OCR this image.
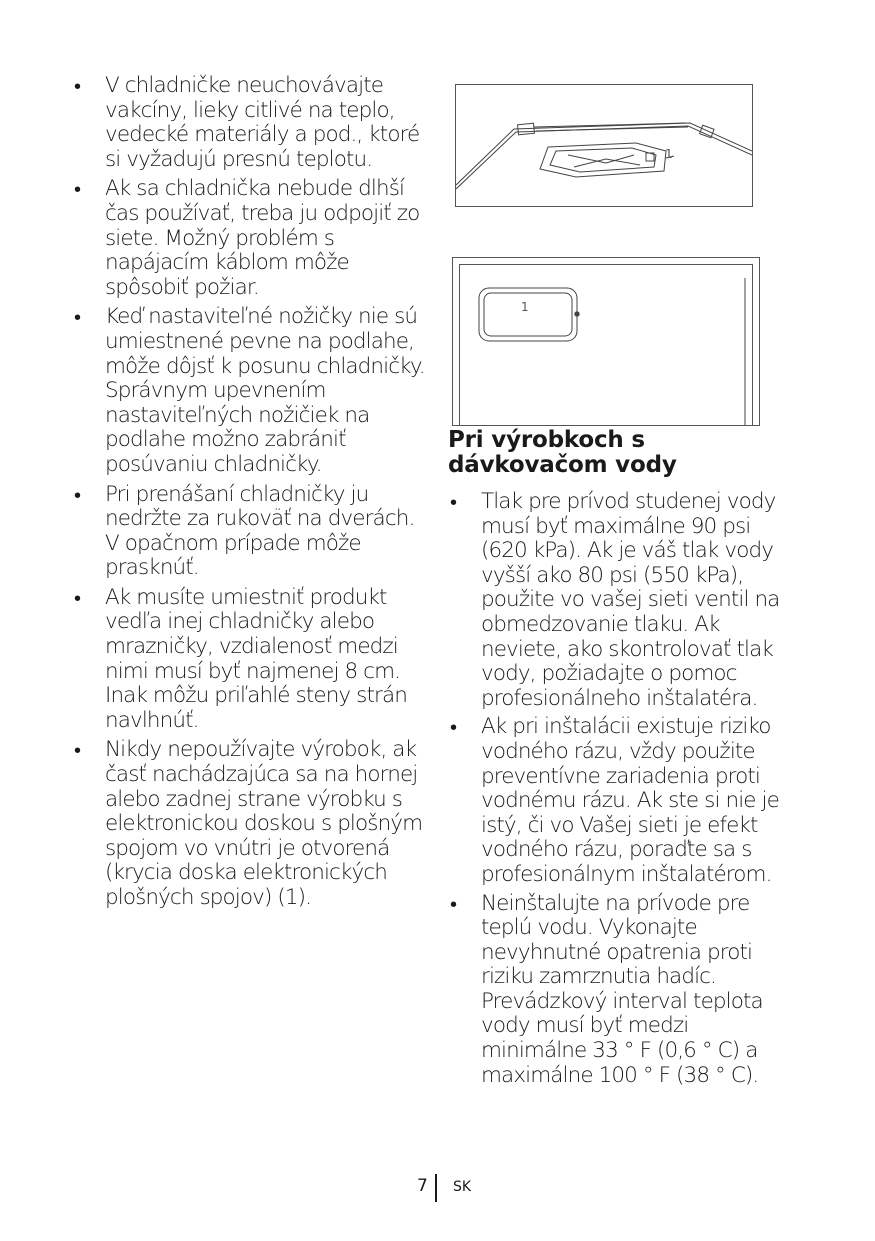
• V chladničke neuchovávajte vakcíny, lieky citlivé na teplo, vedecké materiály a pod., ktoré si vyžadujú presnú teplotu.
• Ak sa chladnička nebude dlhší čas používať, treba ju odpojiť zo siete. Možný problém s napájacím káblom môže spôsobiť požiar.
• Keď nastaviteľné nožičky nie sú umiestnené pevne na podlahe, môže dôjsť k posunu chladničky. Správnym upevnením nastaviteľných nožičiek na podlahe možno zabrániť posúvaniu chladničky.
• Pri prenášaní chladničky ju nedržte za rukoväť na dverách. V opačnom prípade môže prasknúť.
• Ak musíte umiestniť produkt vedľa inej chladničky alebo mrazničky, vzdialenosť medzi nimi musí byť najmenej 8 cm. Inak môžu priľahlé steny strán navlhnúť.
• Nikdy nepoužívajte výrobok, ak časť nachádzajúca sa na hornej alebo zadnej strane výrobku s elektronickou doskou s plošným spojom vo vnútri je otvorená (krycia doska elektronických plošných spojov) (1).
1
1
Pri výrobkoch s dávkovačom vody
• Tlak pre prívod studenej vody musí byť maximálne 90 psi (620 kPa). Ak je váš tlak vody vyšší ako 80 psi (550 kPa), použite vo vašej sieti ventil na obmedzovanie tlaku. Ak neviete, ako skontrolovať tlak vody, požiadajte o pomoc profesionálneho inštalatéra.
• Ak pri inštalácii existuje riziko vodného rázu, vždy použite preventívne zariadenia proti vodnému rázu. Ak ste si nie je istý, či vo Vašej sieti je efekt vodného rázu, poraďte sa s profesionálnym inštalatérom.
• Neinštalujte na prívode pre teplú vodu. Vykonajte nevyhnutné opatrenia proti riziku zamrznutia hadíc. Prevádzkový interval teplota vody musí byť medzi minimálne 33 ° F (0,6 ° C) a maximálne 100 ° F (38 ° C).
7 SK
